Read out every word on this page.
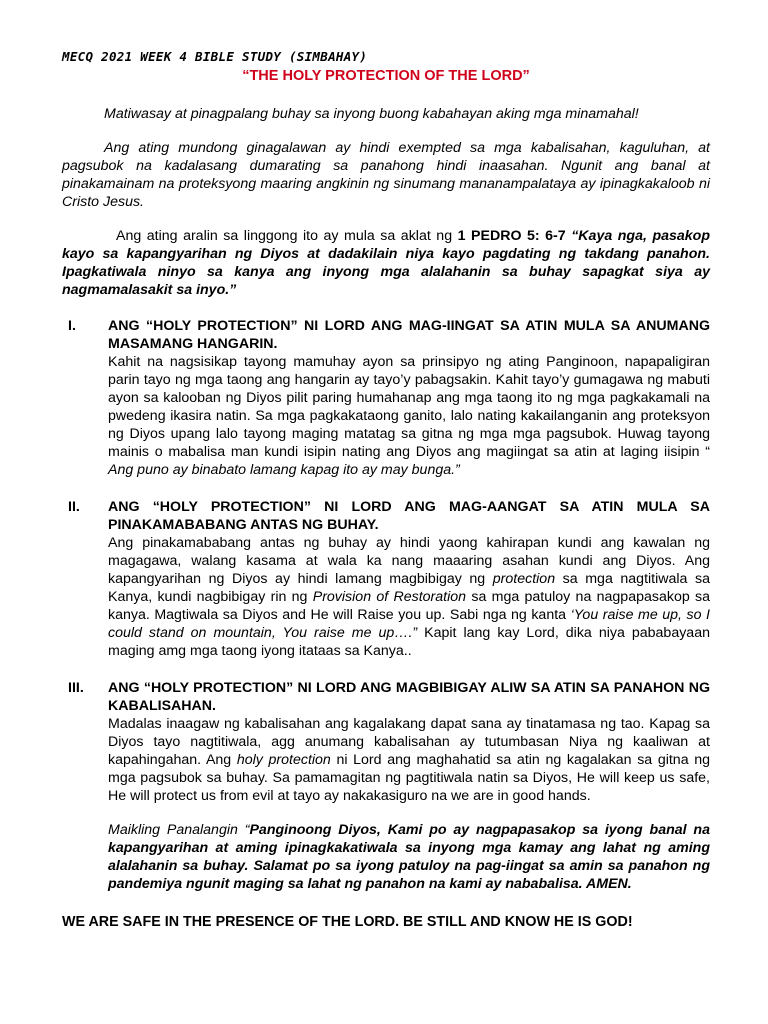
MECQ 2021 WEEK 4 BIBLE STUDY (SIMBAHAY)
“THE HOLY PROTECTION OF THE LORD”

Matiwasay at pinagpalang buhay sa inyong buong kabahayan aking mga minamahal!

Ang ating mundong ginagalawan ay hindi exempted sa mga kabalisahan, kaguluhan, at pagsubok na kadalasang dumarating sa panahong hindi inaasahan. Ngunit ang banal at pinakamainam na proteksyong maaring angkinin ng sinumang mananampalataya ay ipinagkakaloob ni Cristo Jesus.

Ang ating aralin sa linggong ito ay mula sa aklat ng 1 PEDRO 5: 6-7 “Kaya nga, pasakop kayo sa kapangyarihan ng Diyos at dadakilain niya kayo pagdating ng takdang panahon. Ipagkatiwala ninyo sa kanya ang inyong mga alalahanin sa buhay sapagkat siya ay nagmamalasakit sa inyo.”

I. ANG “HOLY PROTECTION” NI LORD ANG MAG-IINGAT SA ATIN MULA SA ANUMANG MASAMANG HANGARIN.
Kahit na nagsisikap tayong mamuhay ayon sa prinsipyo ng ating Panginoon, napapaligiran parin tayo ng mga taong ang hangarin ay tayo’y pabagsakin. Kahit tayo’y gumagawa ng mabuti ayon sa kalooban ng Diyos pilit paring humahanap ang mga taong ito ng mga pagkakamali na pwedeng ikasira natin. Sa mga pagkakataong ganito, lalo nating kakailanganin ang proteksyon ng Diyos upang lalo tayong maging matatag sa gitna ng mga mga pagsubok. Huwag tayong mainis o mabalisa man kundi isipin nating ang Diyos ang magiingat sa atin at laging iisipin “ Ang puno ay binabato lamang kapag ito ay may bunga.”
II. ANG “HOLY PROTECTION” NI LORD ANG MAG-AANGAT SA ATIN MULA SA PINAKAMABABANG ANTAS NG BUHAY.
Ang pinakamababang antas ng buhay ay hindi yaong kahirapan kundi ang kawalan ng magagawa, walang kasama at wala ka nang maaaring asahan kundi ang Diyos. Ang kapangyarihan ng Diyos ay hindi lamang magbibigay ng protection sa mga nagtitiwala sa Kanya, kundi nagbibigay rin ng Provision of Restoration sa mga patuloy na nagpapasakop sa kanya. Magtiwala sa Diyos and He will Raise you up. Sabi nga ng kanta ‘You raise me up, so I could stand on mountain, You raise me up….” Kapit lang kay Lord, dika niya pababayaan maging amg mga taong iyong itataas sa Kanya..
III. ANG “HOLY PROTECTION” NI LORD ANG MAGBIBIGAY ALIW SA ATIN SA PANAHON NG KABALISAHAN.
Madalas inaagaw ng kabalisahan ang kagalakang dapat sana ay tinatamasa ng tao. Kapag sa Diyos tayo nagtitiwala, agg anumang kabalisahan ay tutumbasan Niya ng kaaliwan at kapahingahan. Ang holy protection ni Lord ang maghahatid sa atin ng kagalakan sa gitna ng mga pagsubok sa buhay. Sa pamamagitan ng pagtitiwala natin sa Diyos, He will keep us safe, He will protect us from evil at tayo ay nakakasiguro na we are in good hands.
Maikling Panalangin “Panginoong Diyos, Kami po ay nagpapasakop sa iyong banal na kapangyarihan at aming ipinagkakatiwala sa inyong mga kamay ang lahat ng aming alalahanin sa buhay. Salamat po sa iyong patuloy na pag-iingat sa amin sa panahon ng pandemiya ngunit maging sa lahat ng panahon na kami ay nababalisa. AMEN.
WE ARE SAFE IN THE PRESENCE OF THE LORD. BE STILL AND KNOW HE IS GOD!
